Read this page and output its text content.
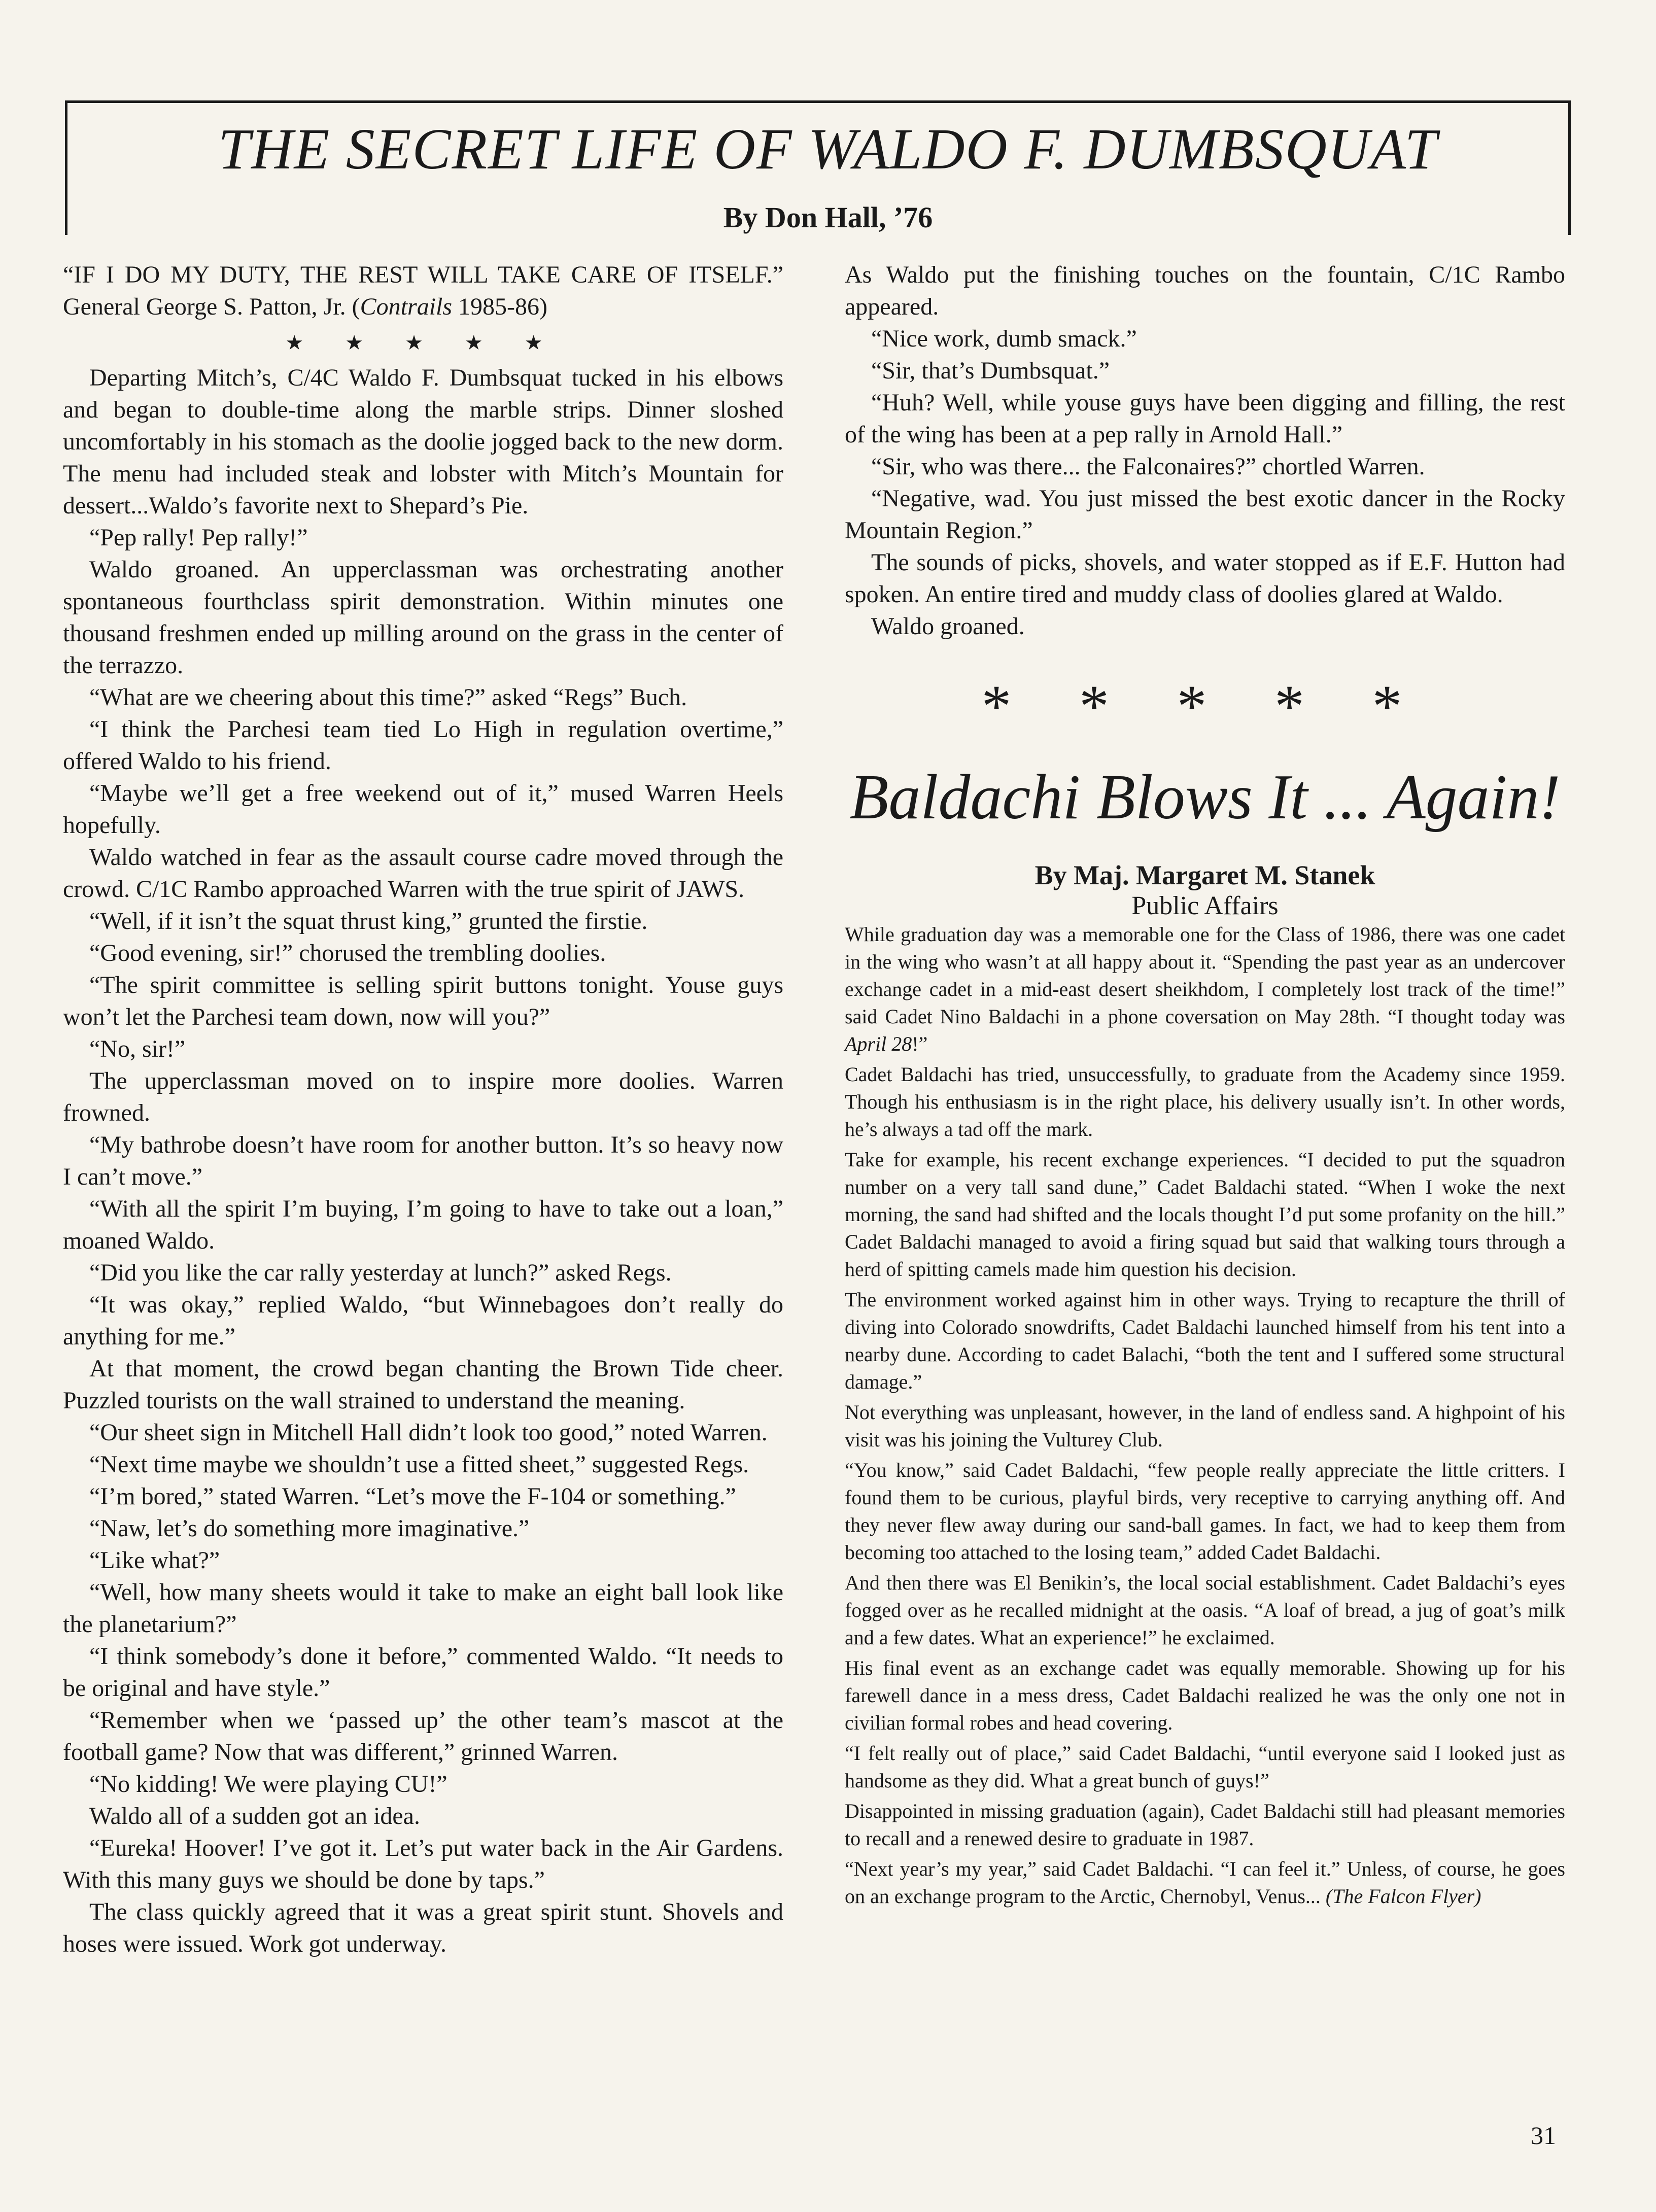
THE SECRET LIFE OF WALDO F. DUMBSQUAT

By Don Hall, ’76

“IF I DO MY DUTY, THE REST WILL TAKE CARE OF ITSELF.” General George S. Patton, Jr. (Contrails 1985-86)

★ ★ ★ ★ ★

Departing Mitch’s, C/4C Waldo F. Dumbsquat tucked in his elbows and began to double-time along the marble strips. Dinner sloshed uncomfortably in his stomach as the doolie jogged back to the new dorm. The menu had included steak and lobster with Mitch’s Mountain for dessert...Waldo’s favorite next to Shepard’s Pie.

“Pep rally! Pep rally!”

Waldo groaned. An upperclassman was orchestrating another spontaneous fourthclass spirit demonstration. Within minutes one thousand freshmen ended up milling around on the grass in the center of the terrazzo.

“What are we cheering about this time?” asked “Regs” Buch.

“I think the Parchesi team tied Lo High in regulation overtime,” offered Waldo to his friend.

“Maybe we’ll get a free weekend out of it,” mused Warren Heels hopefully.

Waldo watched in fear as the assault course cadre moved through the crowd. C/1C Rambo approached Warren with the true spirit of JAWS.

“Well, if it isn’t the squat thrust king,” grunted the firstie.

“Good evening, sir!” chorused the trembling doolies.

“The spirit committee is selling spirit buttons tonight. Youse guys won’t let the Parchesi team down, now will you?”

“No, sir!”

The upperclassman moved on to inspire more doolies. Warren frowned.

“My bathrobe doesn’t have room for another button. It’s so heavy now I can’t move.”

“With all the spirit I’m buying, I’m going to have to take out a loan,” moaned Waldo.

“Did you like the car rally yesterday at lunch?” asked Regs.

“It was okay,” replied Waldo, “but Winnebagoes don’t really do anything for me.”

At that moment, the crowd began chanting the Brown Tide cheer. Puzzled tourists on the wall strained to understand the meaning.

“Our sheet sign in Mitchell Hall didn’t look too good,” noted Warren.

“Next time maybe we shouldn’t use a fitted sheet,” suggested Regs.

“I’m bored,” stated Warren. “Let’s move the F-104 or something.”

“Naw, let’s do something more imaginative.”

“Like what?”

“Well, how many sheets would it take to make an eight ball look like the planetarium?”

“I think somebody’s done it before,” commented Waldo. “It needs to be original and have style.”

“Remember when we ‘passed up’ the other team’s mascot at the football game? Now that was different,” grinned Warren.

“No kidding! We were playing CU!”

Waldo all of a sudden got an idea.

“Eureka! Hoover! I’ve got it. Let’s put water back in the Air Gardens. With this many guys we should be done by taps.”

The class quickly agreed that it was a great spirit stunt. Shovels and hoses were issued. Work got underway.

As Waldo put the finishing touches on the fountain, C/1C Rambo appeared.

“Nice work, dumb smack.”

“Sir, that’s Dumbsquat.”

“Huh? Well, while youse guys have been digging and filling, the rest of the wing has been at a pep rally in Arnold Hall.”

“Sir, who was there... the Falconaires?” chortled Warren.

“Negative, wad. You just missed the best exotic dancer in the Rocky Mountain Region.”

The sounds of picks, shovels, and water stopped as if E.F. Hutton had spoken. An entire tired and muddy class of doolies glared at Waldo.

Waldo groaned.

* * * * *
Baldachi Blows It ... Again!

By Maj. Margaret M. Stanek

Public Affairs

While graduation day was a memorable one for the Class of 1986, there was one cadet in the wing who wasn’t at all happy about it. “Spending the past year as an undercover exchange cadet in a mid-east desert sheikhdom, I completely lost track of the time!” said Cadet Nino Baldachi in a phone coversation on May 28th. “I thought today was April 28!”

Cadet Baldachi has tried, unsuccessfully, to graduate from the Academy since 1959. Though his enthusiasm is in the right place, his delivery usually isn’t. In other words, he’s always a tad off the mark.

Take for example, his recent exchange experiences. “I decided to put the squadron number on a very tall sand dune,” Cadet Baldachi stated. “When I woke the next morning, the sand had shifted and the locals thought I’d put some profanity on the hill.” Cadet Baldachi managed to avoid a firing squad but said that walking tours through a herd of spitting camels made him question his decision.

The environment worked against him in other ways. Trying to recapture the thrill of diving into Colorado snowdrifts, Cadet Baldachi launched himself from his tent into a nearby dune. According to cadet Balachi, “both the tent and I suffered some structural damage.”

Not everything was unpleasant, however, in the land of endless sand. A highpoint of his visit was his joining the Vulturey Club.

“You know,” said Cadet Baldachi, “few people really appreciate the little critters. I found them to be curious, playful birds, very receptive to carrying anything off. And they never flew away during our sand-ball games. In fact, we had to keep them from becoming too attached to the losing team,” added Cadet Baldachi.

And then there was El Benikin’s, the local social establishment. Cadet Baldachi’s eyes fogged over as he recalled midnight at the oasis. “A loaf of bread, a jug of goat’s milk and a few dates. What an experience!” he exclaimed.

His final event as an exchange cadet was equally memorable. Showing up for his farewell dance in a mess dress, Cadet Baldachi realized he was the only one not in civilian formal robes and head covering.

“I felt really out of place,” said Cadet Baldachi, “until everyone said I looked just as handsome as they did. What a great bunch of guys!”

Disappointed in missing graduation (again), Cadet Baldachi still had pleasant memories to recall and a renewed desire to graduate in 1987.

“Next year’s my year,” said Cadet Baldachi. “I can feel it.” Unless, of course, he goes on an exchange program to the Arctic, Chernobyl, Venus... (The Falcon Flyer)

31
